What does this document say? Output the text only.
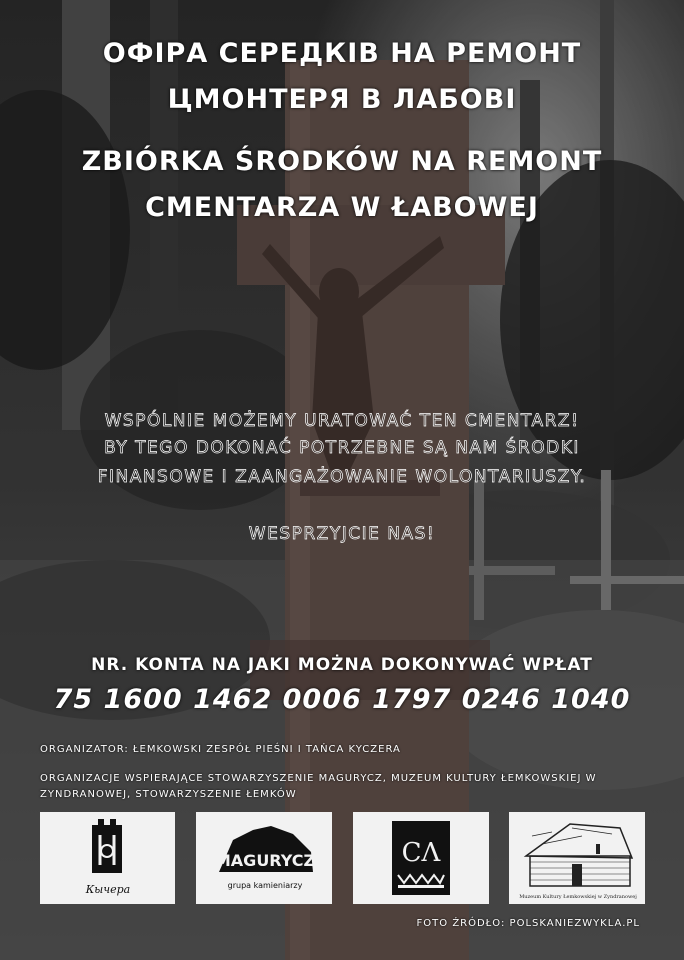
ОФІРА СЕРЕДКІВ НА РЕМОНТ
ЦМОНТЕРЯ В ЛАБОВІ
ZBIÓRKA ŚRODKÓW NA REMONT
CMENTARZA W ŁABOWEJ
WSPÓLNIE MOŻEMY URATOWAĆ TEN CMENTARZ!
BY TEGO DOKONAĆ POTRZEBNE SĄ NAM ŚRODKI
FINANSOWE I ZAANGAŻOWANIE WOLONTARIUSZY.
WESPRZYJCIE NAS!
NR. KONTA NA JAKI MOŻNA DOKONYWAĆ WPŁAT
75 1600 1462 0006 1797 0246 1040
ORGANIZATOR: ŁEMKOWSKI ZESPÓŁ PIEŚNI I TAŃCA KYCZERA
ORGANIZACJE WSPIERAJĄCE STOWARZYSZENIE MAGURYCZ, MUZEUM KULTURY ŁEMKOWSKIEJ W ZYNDRANOWEJ, STOWARZYSZENIE ŁEMKÓW
Кычера
MAGURYCZ
grupa kamieniarzy
СΛ
Muzeum Kultury Łemkowskiej w Zyndranowej
FOTO ŹRÓDŁO: POLSKANIEZWYKLA.PL
